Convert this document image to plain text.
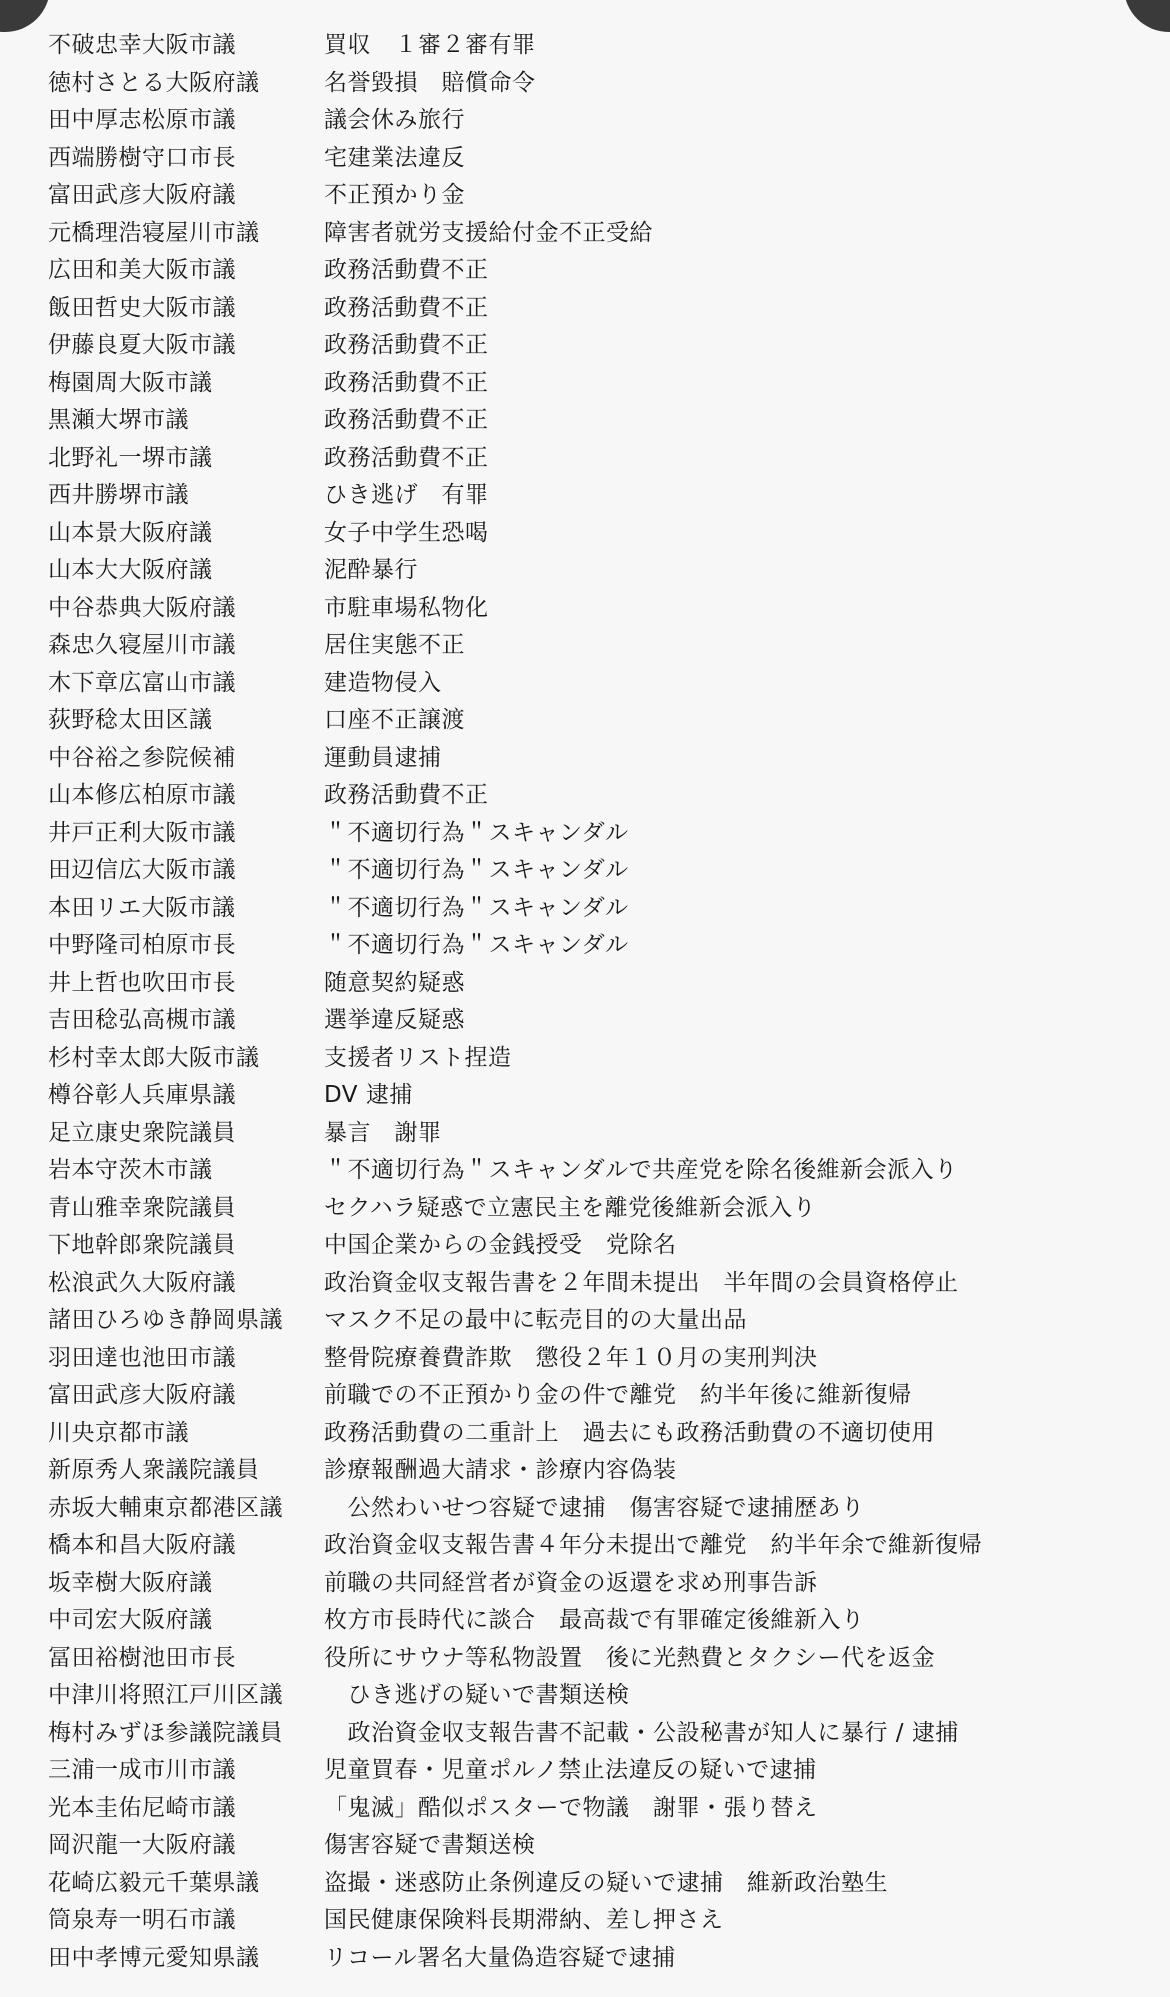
不破忠幸大阪市議	買収　１審２審有罪
徳村さとる大阪府議	名誉毀損　賠償命令
田中厚志松原市議	議会休み旅行
西端勝樹守口市長	宅建業法違反
富田武彦大阪府議	不正預かり金
元橋理浩寝屋川市議	障害者就労支援給付金不正受給
広田和美大阪市議	政務活動費不正
飯田哲史大阪市議	政務活動費不正
伊藤良夏大阪市議	政務活動費不正
梅園周大阪市議	政務活動費不正
黒瀬大堺市議	政務活動費不正
北野礼一堺市議	政務活動費不正
西井勝堺市議	ひき逃げ　有罪
山本景大阪府議	女子中学生恐喝
山本大大阪府議	泥酔暴行
中谷恭典大阪府議	市駐車場私物化
森忠久寝屋川市議	居住実態不正
木下章広富山市議	建造物侵入
荻野稔太田区議	口座不正譲渡
中谷裕之参院候補	運動員逮捕
山本修広柏原市議	政務活動費不正
井戸正利大阪市議	＂不適切行為＂スキャンダル
田辺信広大阪市議	＂不適切行為＂スキャンダル
本田リエ大阪市議	＂不適切行為＂スキャンダル
中野隆司柏原市長	＂不適切行為＂スキャンダル
井上哲也吹田市長	随意契約疑惑
吉田稔弘高槻市議	選挙違反疑惑
杉村幸太郎大阪市議	支援者リスト捏造
樽谷彰人兵庫県議	DV 逮捕
足立康史衆院議員	暴言　謝罪
岩本守茨木市議	＂不適切行為＂スキャンダルで共産党を除名後維新会派入り
青山雅幸衆院議員	セクハラ疑惑で立憲民主を離党後維新会派入り
下地幹郎衆院議員	中国企業からの金銭授受　党除名
松浪武久大阪府議	政治資金収支報告書を２年間未提出　半年間の会員資格停止
諸田ひろゆき静岡県議	マスク不足の最中に転売目的の大量出品
羽田達也池田市議	整骨院療養費詐欺　懲役２年１０月の実刑判決
富田武彦大阪府議	前職での不正預かり金の件で離党　約半年後に維新復帰
川央京都市議	政務活動費の二重計上　過去にも政務活動費の不適切使用
新原秀人衆議院議員	診療報酬過大請求・診療内容偽装
赤坂大輔東京都港区議	　公然わいせつ容疑で逮捕　傷害容疑で逮捕歴あり
橋本和昌大阪府議	政治資金収支報告書４年分未提出で離党　約半年余で維新復帰
坂幸樹大阪府議	前職の共同経営者が資金の返還を求め刑事告訴
中司宏大阪府議	枚方市長時代に談合　最高裁で有罪確定後維新入り
冨田裕樹池田市長	役所にサウナ等私物設置　後に光熱費とタクシー代を返金
中津川将照江戸川区議	　ひき逃げの疑いで書類送検
梅村みずほ参議院議員	　政治資金収支報告書不記載・公設秘書が知人に暴行 / 逮捕
三浦一成市川市議	児童買春・児童ポルノ禁止法違反の疑いで逮捕
光本圭佑尼崎市議	「鬼滅」酷似ポスターで物議　謝罪・張り替え
岡沢龍一大阪府議	傷害容疑で書類送検
花崎広毅元千葉県議	盗撮・迷惑防止条例違反の疑いで逮捕　維新政治塾生
筒泉寿一明石市議	国民健康保険料長期滞納、差し押さえ
田中孝博元愛知県議	リコール署名大量偽造容疑で逮捕
